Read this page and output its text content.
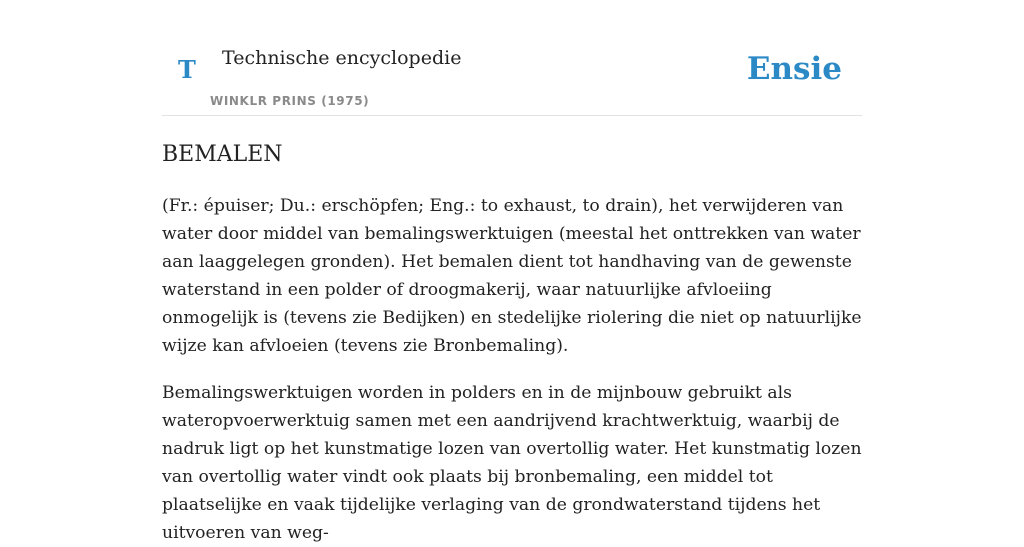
T Technische encyclopedie
WINKLR PRINS (1975)
Ensie
BEMALEN

(Fr.: épuiser; Du.: erschöpfen; Eng.: to exhaust, to drain), het verwijderen van water door middel van bemalingswerktuigen (meestal het onttrekken van water aan laaggelegen gronden). Het bemalen dient tot handhaving van de gewenste waterstand in een polder of droogmakerij, waar natuurlijke afvloeiing onmogelijk is (tevens zie Bedijken) en stedelijke riolering die niet op natuurlijke wijze kan afvloeien (tevens zie Bronbemaling).

Bemalingswerktuigen worden in polders en in de mijnbouw gebruikt als wateropvoerwerktuig samen met een aandrijvend krachtwerktuig, waarbij de nadruk ligt op het kunstmatige lozen van overtollig water. Het kunstmatig lozen van overtollig water vindt ook plaats bij bronbemaling, een middel tot plaatselijke en vaak tijdelijke verlaging van de grondwaterstand tijdens het uitvoeren van weg-
